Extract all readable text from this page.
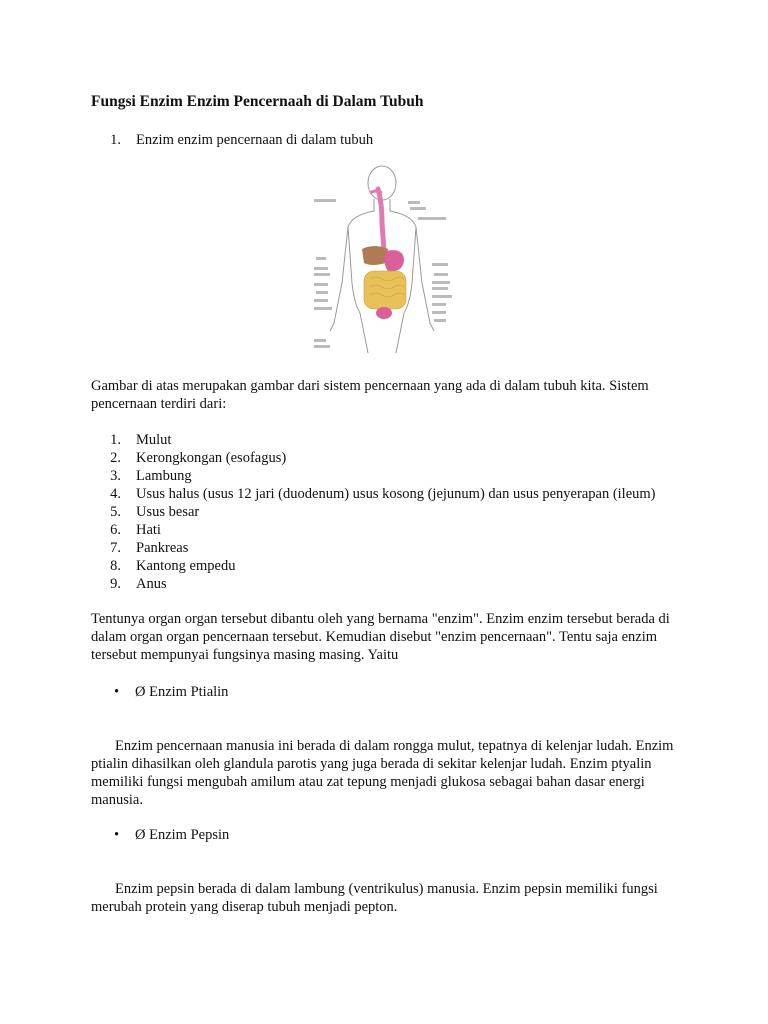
Fungsi Enzim Enzim Pencernaah di Dalam Tubuh
1. Enzim enzim pencernaan di dalam tubuh

Gambar di atas merupakan gambar dari sistem pencernaan yang ada di dalam tubuh kita. Sistem pencernaan terdiri dari:

1. Mulut
2. Kerongkongan (esofagus)
3. Lambung
4. Usus halus (usus 12 jari (duodenum) usus kosong (jejunum) dan usus penyerapan (ileum)
5. Usus besar
6. Hati
7. Pankreas
8. Kantong empedu
9. Anus

Tentunya organ organ tersebut dibantu oleh yang bernama "enzim". Enzim enzim tersebut berada di dalam organ organ pencernaan tersebut. Kemudian disebut "enzim pencernaan". Tentu saja enzim tersebut mempunyai fungsinya masing masing. Yaitu

•	Ø Enzim Ptialin

Enzim pencernaan manusia ini berada di dalam rongga mulut, tepatnya di kelenjar ludah. Enzim ptialin dihasilkan oleh glandula parotis yang juga berada di sekitar kelenjar ludah. Enzim ptyalin memiliki fungsi mengubah amilum atau zat tepung menjadi glukosa sebagai bahan dasar energi manusia.

•	Ø Enzim Pepsin

Enzim pepsin berada di dalam lambung (ventrikulus) manusia. Enzim pepsin memiliki fungsi merubah protein yang diserap tubuh menjadi pepton.
